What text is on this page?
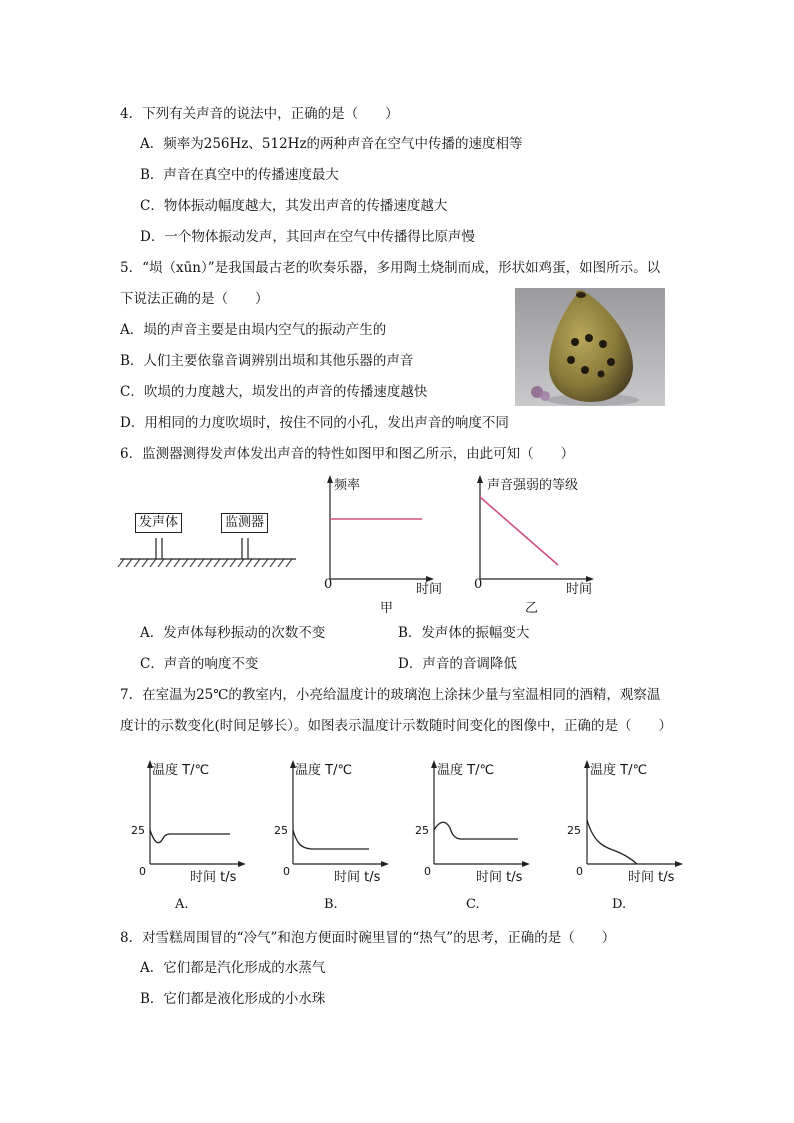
4．下列有关声音的说法中，正确的是（　　）
A．频率为256Hz、512Hz的两种声音在空气中传播的速度相等
B．声音在真空中的传播速度最大
C．物体振动幅度越大，其发出声音的传播速度越大
D．一个物体振动发声，其回声在空气中传播得比原声慢
5．“埙（xūn）”是我国最古老的吹奏乐器，多用陶土烧制而成，形状如鸡蛋，如图所示。以
下说法正确的是（　　）
A．埙的声音主要是由埙内空气的振动产生的
B．人们主要依靠音调辨别出埙和其他乐器的声音
C．吹埙的力度越大，埙发出的声音的传播速度越快
D．用相同的力度吹埙时，按住不同的小孔，发出声音的响度不同
6．监测器测得发声体发出声音的特性如图甲和图乙所示，由此可知（　　）
发声体	监测器
频率
0	时间
甲
声音强弱的等级
0	时间
乙
A．发声体每秒振动的次数不变	B．发声体的振幅变大
C．声音的响度不变	D．声音的音调降低
7．在室温为25℃的教室内，小亮给温度计的玻璃泡上涂抹少量与室温相同的酒精，观察温
度计的示数变化(时间足够长）。如图表示温度计示数随时间变化的图像中，正确的是（　　）
温度 T/℃
25
0	时间 t/s
A.
温度 T/℃
25
0	时间 t/s
B.
温度 T/℃
25
0	时间 t/s
C.
温度 T/℃
25
0	时间 t/s
D.
8．对雪糕周围冒的“冷气”和泡方便面时碗里冒的“热气”的思考，正确的是（　　）
A．它们都是汽化形成的水蒸气
B．它们都是液化形成的小水珠
